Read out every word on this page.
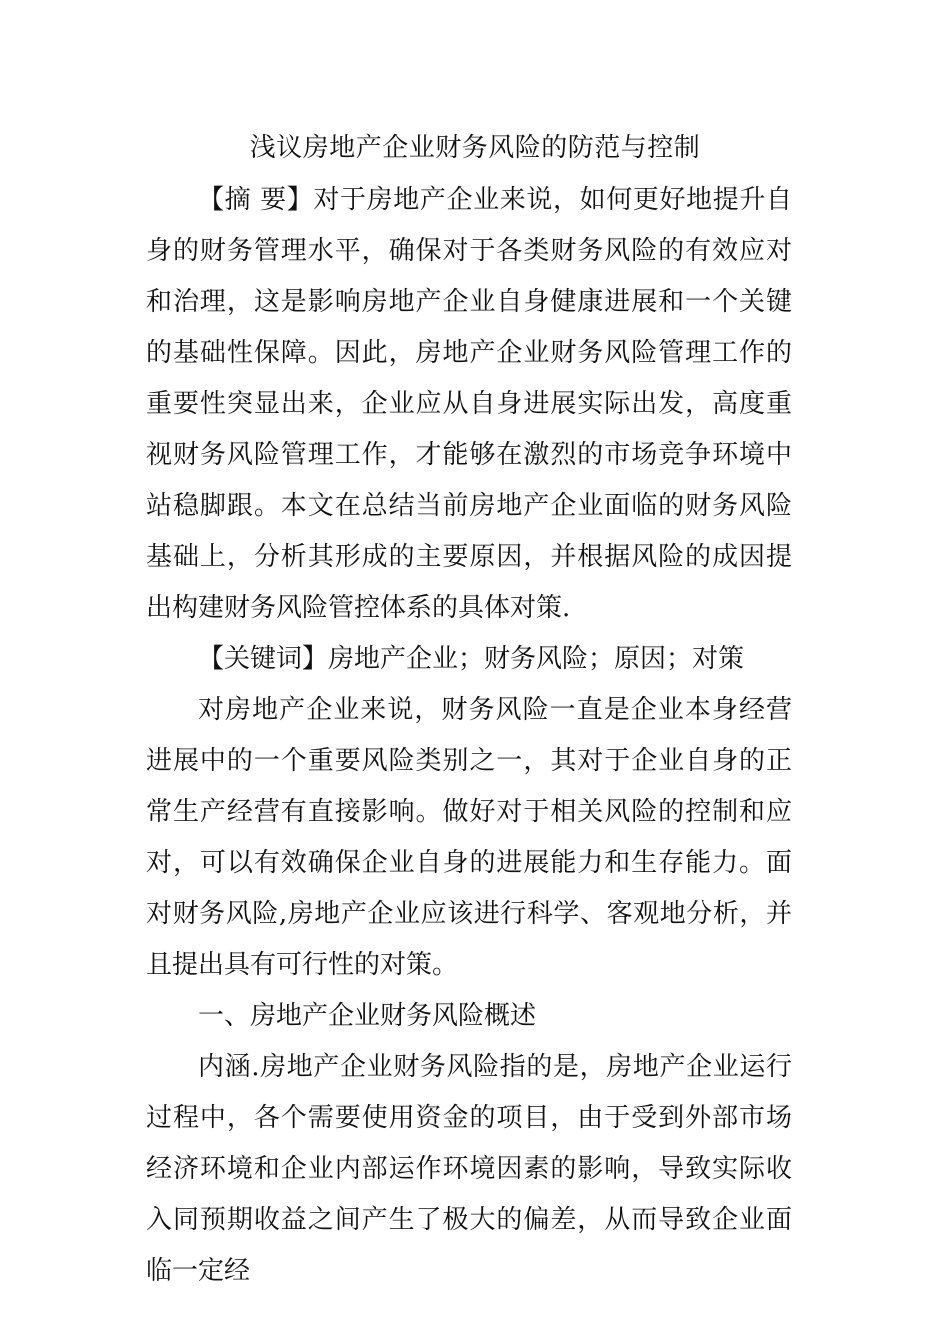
浅议房地产企业财务风险的防范与控制

【摘 要】对于房地产企业来说，如何更好地提升自身的财务管理水平，确保对于各类财务风险的有效应对和治理，这是影响房地产企业自身健康进展和一个关键的基础性保障。因此，房地产企业财务风险管理工作的重要性突显出来，企业应从自身进展实际出发，高度重视财务风险管理工作，才能够在激烈的市场竞争环境中站稳脚跟。本文在总结当前房地产企业面临的财务风险基础上，分析其形成的主要原因，并根据风险的成因提出构建财务风险管控体系的具体对策.

【关键词】房地产企业；财务风险；原因；对策

对房地产企业来说，财务风险一直是企业本身经营进展中的一个重要风险类别之一，其对于企业自身的正常生产经营有直接影响。做好对于相关风险的控制和应对，可以有效确保企业自身的进展能力和生存能力。面对财务风险,房地产企业应该进行科学、客观地分析，并且提出具有可行性的对策。

一、房地产企业财务风险概述

内涵.房地产企业财务风险指的是，房地产企业运行过程中，各个需要使用资金的项目，由于受到外部市场经济环境和企业内部运作环境因素的影响，导致实际收入同预期收益之间产生了极大的偏差，从而导致企业面临一定经
